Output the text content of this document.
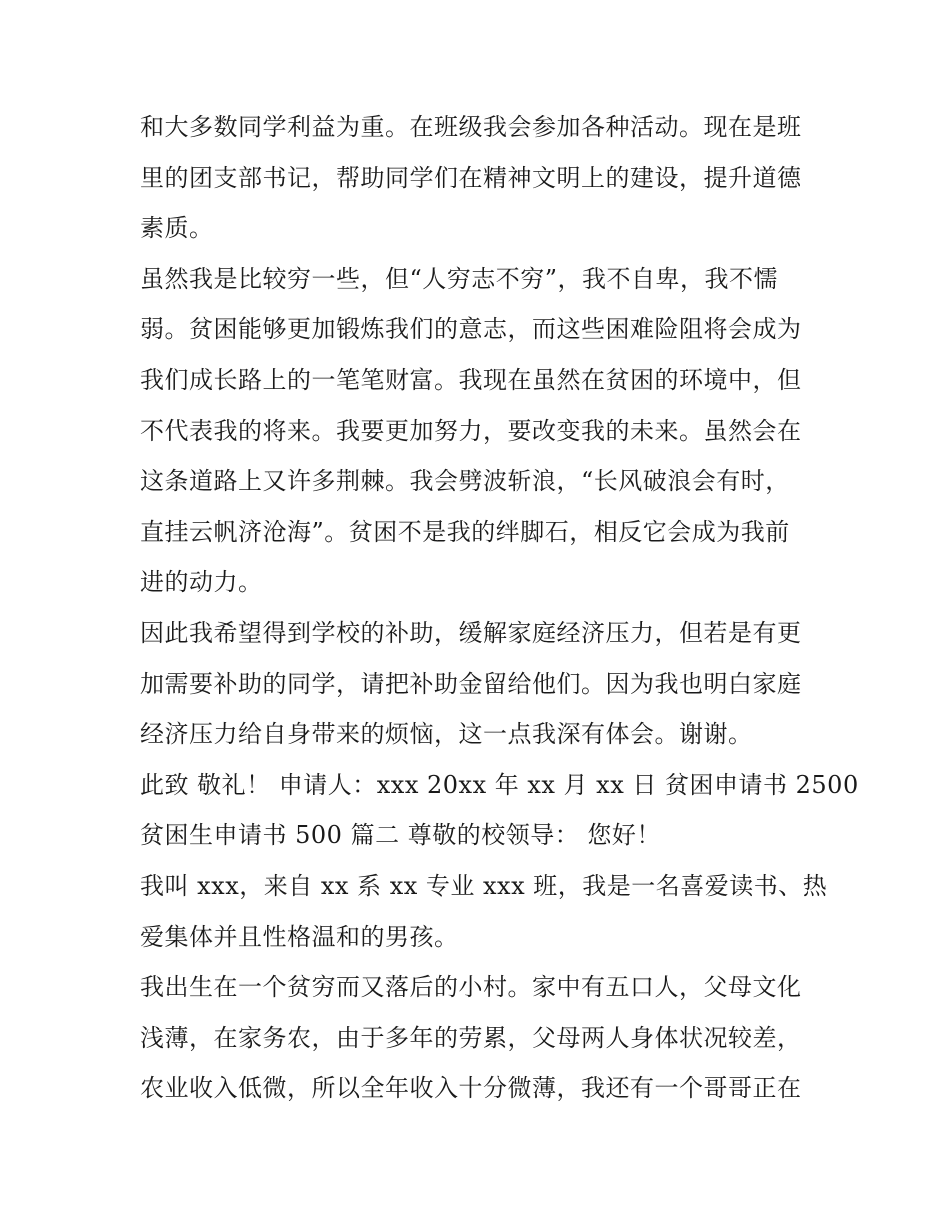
和大多数同学利益为重。在班级我会参加各种活动。现在是班
里的团支部书记，帮助同学们在精神文明上的建设，提升道德
素质。
虽然我是比较穷一些，但“人穷志不穷”，我不自卑，我不懦
弱。贫困能够更加锻炼我们的意志，而这些困难险阻将会成为
我们成长路上的一笔笔财富。我现在虽然在贫困的环境中，但
不代表我的将来。我要更加努力，要改变我的未来。虽然会在
这条道路上又许多荆棘。我会劈波斩浪，“长风破浪会有时，
直挂云帆济沧海”。贫困不是我的绊脚石，相反它会成为我前
进的动力。
因此我希望得到学校的补助，缓解家庭经济压力，但若是有更
加需要补助的同学，请把补助金留给他们。因为我也明白家庭
经济压力给自身带来的烦恼，这一点我深有体会。谢谢。
此致 敬礼！ 申请人：xxx 20xx 年 xx 月 xx 日 贫困申请书 2500
贫困生申请书 500 篇二 尊敬的校领导： 您好！
我叫 xxx，来自 xx 系 xx 专业 xxx 班，我是一名喜爱读书、热
爱集体并且性格温和的男孩。
我出生在一个贫穷而又落后的小村。家中有五口人，父母文化
浅薄，在家务农，由于多年的劳累，父母两人身体状况较差，
农业收入低微，所以全年收入十分微薄，我还有一个哥哥正在
